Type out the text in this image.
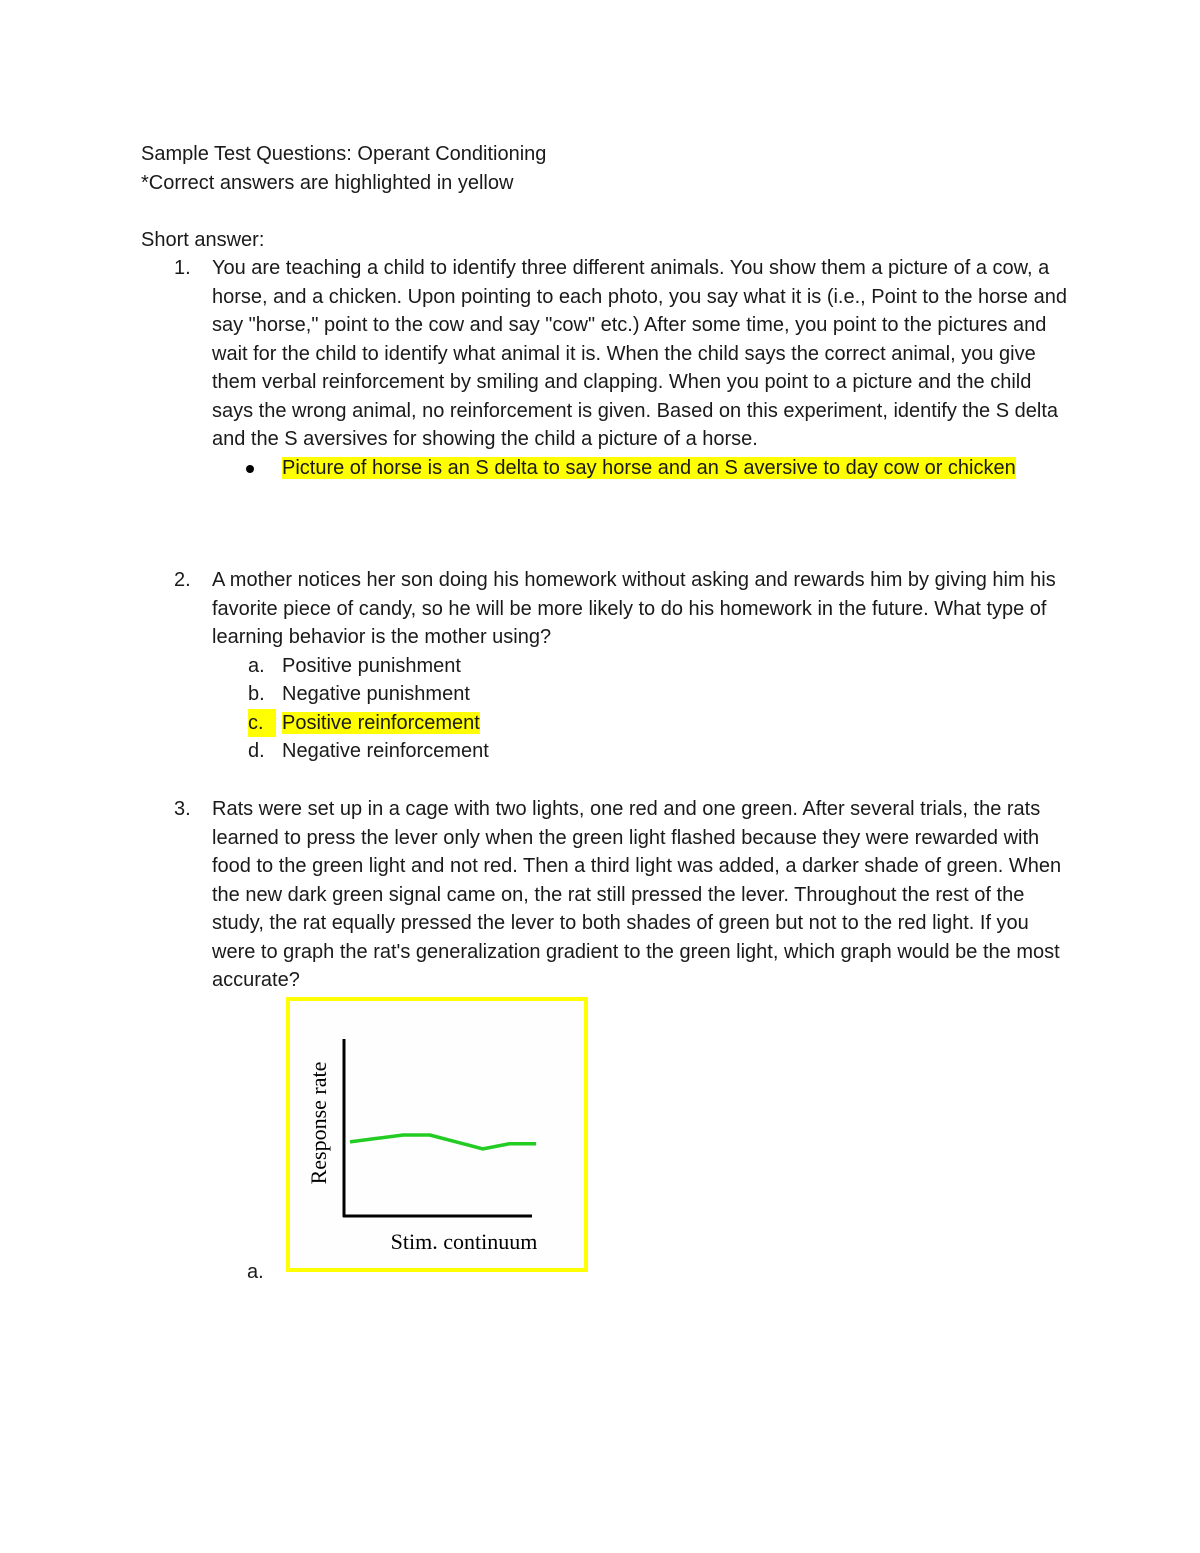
Sample Test Questions: Operant Conditioning
*Correct answers are highlighted in yellow
Short answer:
1. You are teaching a child to identify three different animals. You show them a picture of a cow, a horse, and a chicken. Upon pointing to each photo, you say what it is (i.e., Point to the horse and say "horse," point to the cow and say "cow" etc.) After some time, you point to the pictures and wait for the child to identify what animal it is. When the child says the correct animal, you give them verbal reinforcement by smiling and clapping. When you point to a picture and the child says the wrong animal, no reinforcement is given. Based on this experiment, identify the S delta and the S aversives for showing the child a picture of a horse.
Picture of horse is an S delta to say horse and an S aversive to day cow or chicken
2. A mother notices her son doing his homework without asking and rewards him by giving him his favorite piece of candy, so he will be more likely to do his homework in the future. What type of learning behavior is the mother using?
a. Positive punishment
b. Negative punishment
c. Positive reinforcement
d. Negative reinforcement
3. Rats were set up in a cage with two lights, one red and one green. After several trials, the rats learned to press the lever only when the green light flashed because they were rewarded with food to the green light and not red. Then a third light was added, a darker shade of green. When the new dark green signal came on, the rat still pressed the lever. Throughout the rest of the study, the rat equally pressed the lever to both shades of green but not to the red light. If you were to graph the rat's generalization gradient to the green light, which graph would be the most accurate?
Response rate
Stim. continuum
a.
